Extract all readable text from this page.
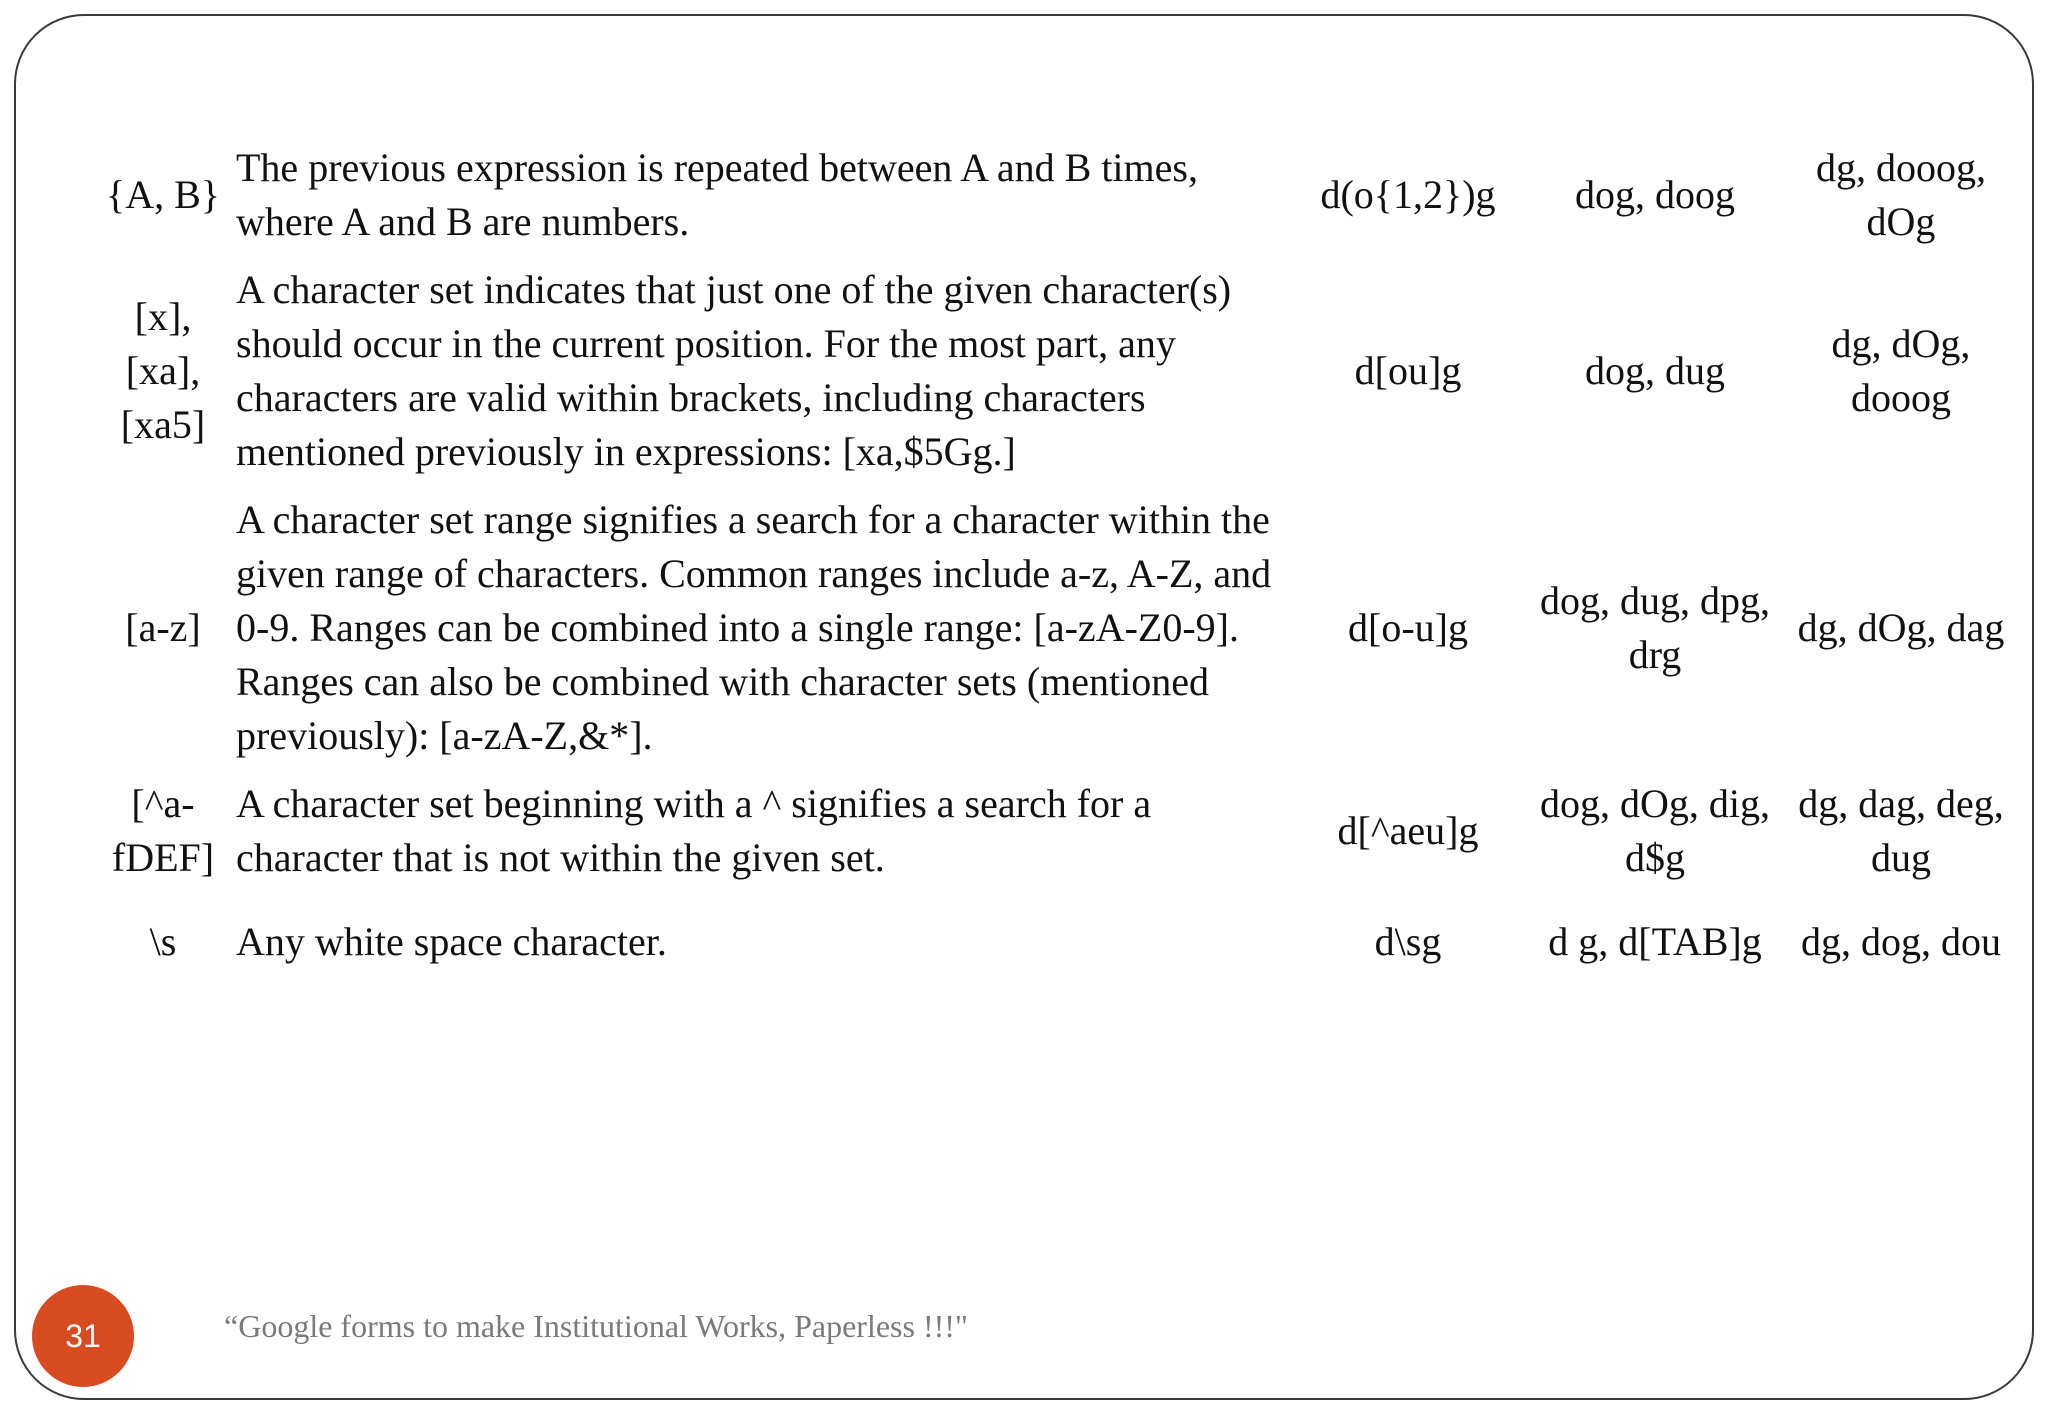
{A, B}	The previous expression is repeated between A and B times, where A and B are numbers.	d(o{1,2})g	dog, doog	dg, dooog, dOg
[x], [xa], [xa5]	A character set indicates that just one of the given character(s) should occur in the current position. For the most part, any characters are valid within brackets, including characters mentioned previously in expressions: [xa,$5Gg.]	d[ou]g	dog, dug	dg, dOg, dooog
[a-z]	A character set range signifies a search for a character within the given range of characters. Common ranges include a-z, A-Z, and 0-9. Ranges can be combined into a single range: [a-zA-Z0-9]. Ranges can also be combined with character sets (mentioned previously): [a-zA-Z,&*].	d[o-u]g	dog, dug, dpg, drg	dg, dOg, dag
[^a-fDEF]	A character set beginning with a ^ signifies a search for a character that is not within the given set.	d[^aeu]g	dog, dOg, dig, d$g	dg, dag, deg, dug
\s	Any white space character.	d\sg	d g, d[TAB]g	dg, dog, dou
31	“Google forms to make Institutional Works, Paperless !!!"
